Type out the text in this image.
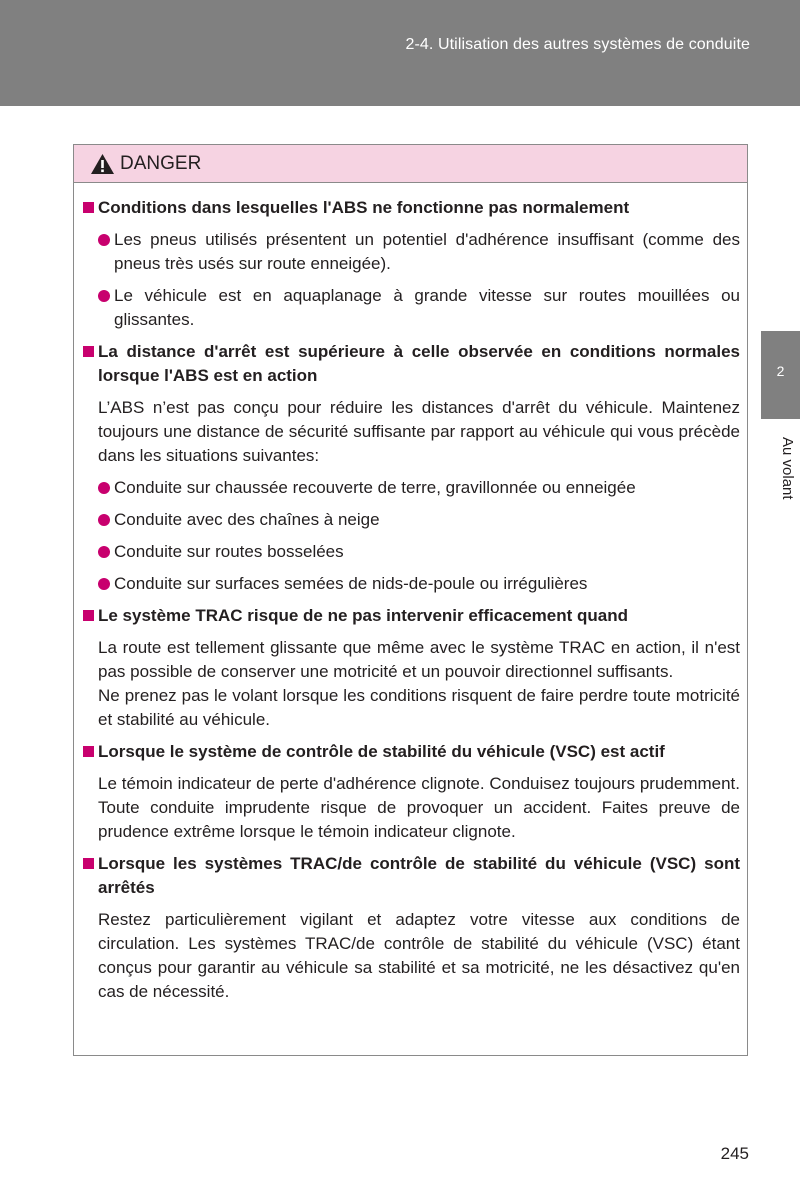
2-4. Utilisation des autres systèmes de conduite
2
Au volant
DANGER
Conditions dans lesquelles l'ABS ne fonctionne pas normalement
Les pneus utilisés présentent un potentiel d'adhérence insuffisant (comme des pneus très usés sur route enneigée).
Le véhicule est en aquaplanage à grande vitesse sur routes mouillées ou glissantes.
La distance d'arrêt est supérieure à celle observée en conditions normales lorsque l'ABS est en action
L’ABS n’est pas conçu pour réduire les distances d'arrêt du véhicule. Maintenez toujours une distance de sécurité suffisante par rapport au véhicule qui vous précède dans les situations suivantes:
Conduite sur chaussée recouverte de terre, gravillonnée ou enneigée
Conduite avec des chaînes à neige
Conduite sur routes bosselées
Conduite sur surfaces semées de nids-de-poule ou irrégulières
Le système TRAC risque de ne pas intervenir efficacement quand
La route est tellement glissante que même avec le système TRAC en action, il n'est pas possible de conserver une motricité et un pouvoir directionnel suffisants.
Ne prenez pas le volant lorsque les conditions risquent de faire perdre toute motricité et stabilité au véhicule.
Lorsque le système de contrôle de stabilité du véhicule (VSC) est actif
Le témoin indicateur de perte d'adhérence clignote. Conduisez toujours prudemment. Toute conduite imprudente risque de provoquer un accident. Faites preuve de prudence extrême lorsque le témoin indicateur clignote.
Lorsque les systèmes TRAC/de contrôle de stabilité du véhicule (VSC) sont arrêtés
Restez particulièrement vigilant et adaptez votre vitesse aux conditions de circulation. Les systèmes TRAC/de contrôle de stabilité du véhicule (VSC) étant conçus pour garantir au véhicule sa stabilité et sa motricité, ne les désactivez qu'en cas de nécessité.
245
